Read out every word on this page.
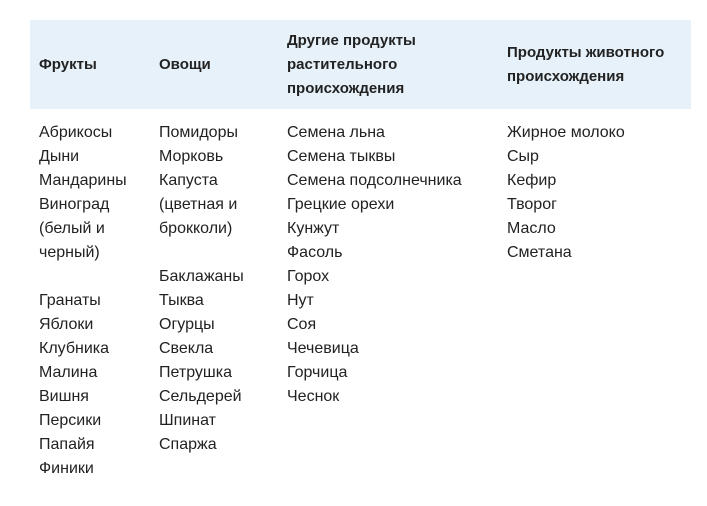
Фрукты	Овощи
Другие продукты растительного происхождения
Продукты животного происхождения
Абрикосы
Дыни
Мандарины
Виноград (белый и черный)
Гранаты
Яблоки
Клубника
Малина
Вишня
Персики
Папайя
Финики
Помидоры
Морковь
Капуста (цветная и брокколи)
Баклажаны
Тыква
Огурцы
Свекла
Петрушка
Сельдерей
Шпинат
Спаржа
Семена льна
Семена тыквы
Семена подсолнечника
Грецкие орехи
Кунжут
Фасоль
Горох
Нут
Соя
Чечевица
Горчица
Чеснок
Жирное молоко
Сыр
Кефир
Творог
Масло
Сметана
